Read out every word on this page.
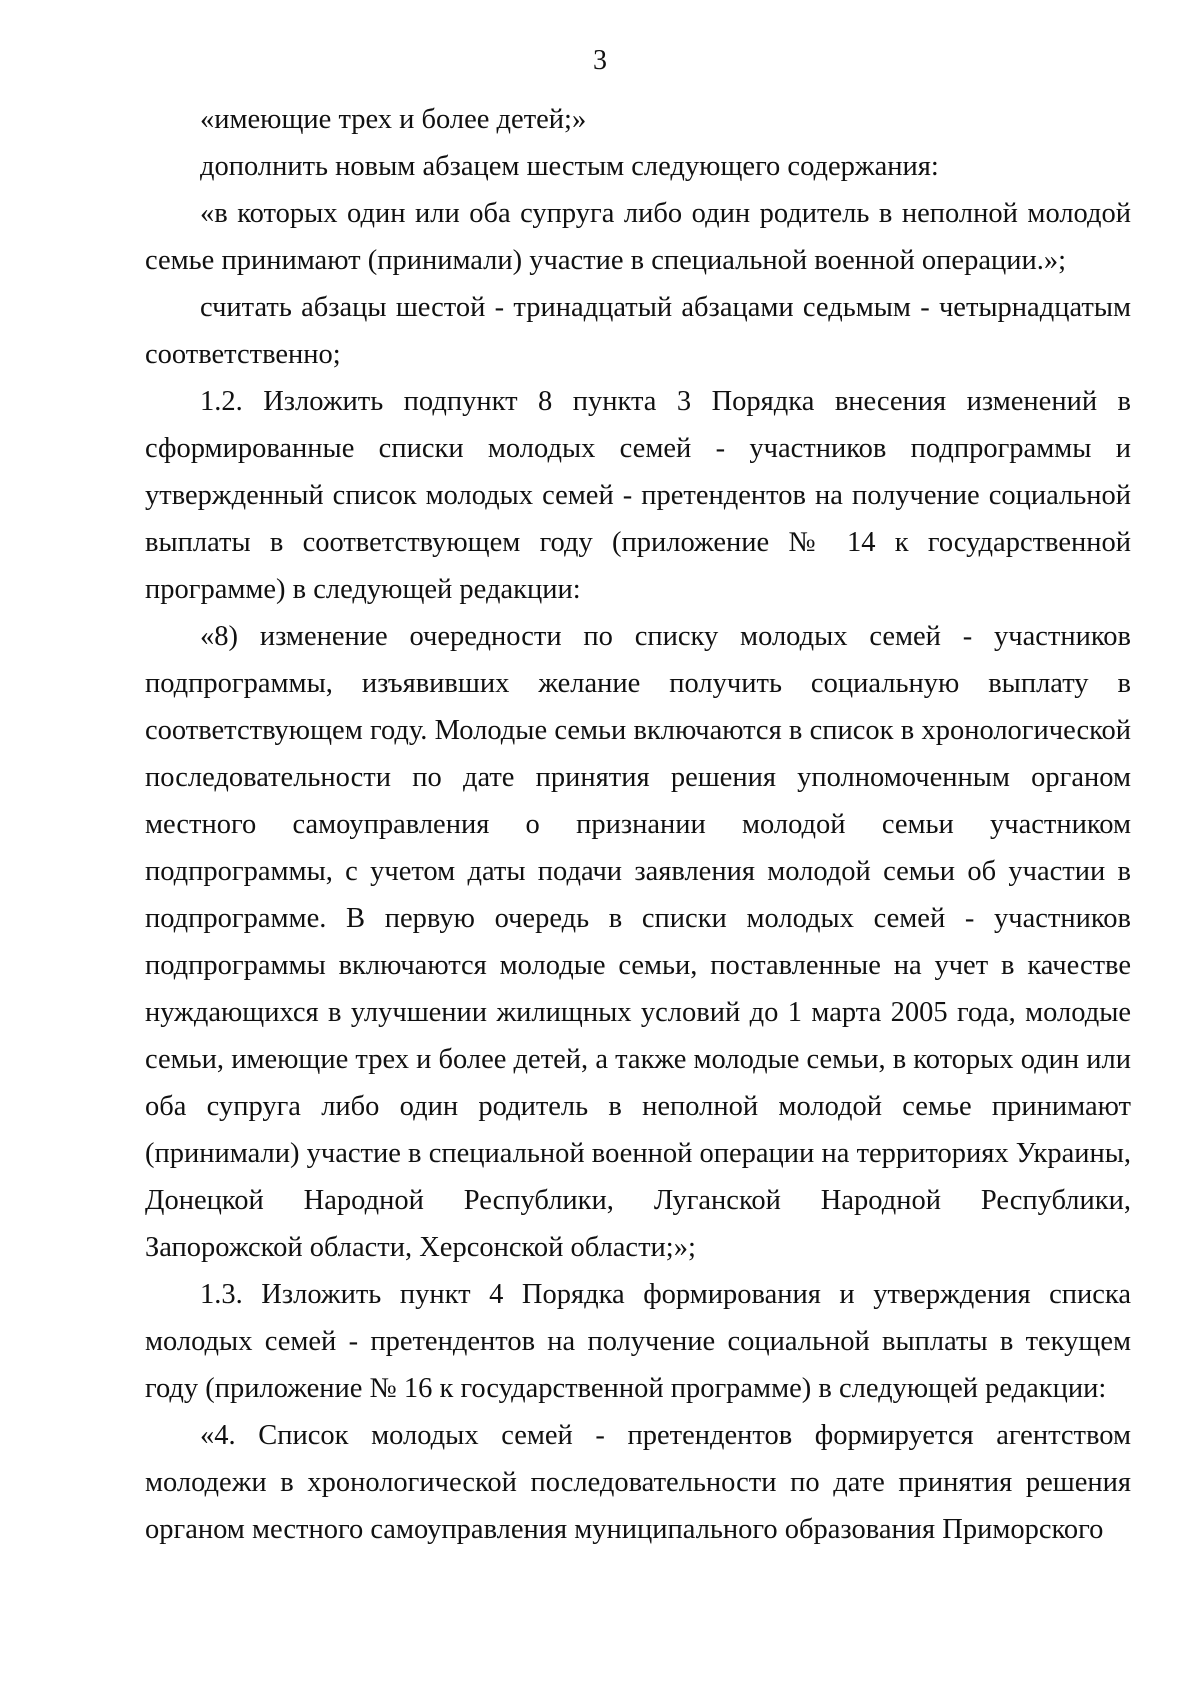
3

«имеющие трех и более детей;»

дополнить новым абзацем шестым следующего содержания:

«в которых один или оба супруга либо один родитель в неполной молодой семье принимают (принимали) участие в специальной военной операции.»;

считать абзацы шестой - тринадцатый абзацами седьмым - четырнадцатым соответственно;

1.2. Изложить подпункт 8 пункта 3 Порядка внесения изменений в сформированные списки молодых семей - участников подпрограммы и утвержденный список молодых семей - претендентов на получение социальной выплаты в соответствующем году (приложение № 14 к государственной программе) в следующей редакции:

«8) изменение очередности по списку молодых семей - участников подпрограммы, изъявивших желание получить социальную выплату в соответствующем году. Молодые семьи включаются в список в хронологической последовательности по дате принятия решения уполномоченным органом местного самоуправления о признании молодой семьи участником подпрограммы, с учетом даты подачи заявления молодой семьи об участии в подпрограмме. В первую очередь в списки молодых семей - участников подпрограммы включаются молодые семьи, поставленные на учет в качестве нуждающихся в улучшении жилищных условий до 1 марта 2005 года, молодые семьи, имеющие трех и более детей, а также молодые семьи, в которых один или оба супруга либо один родитель в неполной молодой семье принимают (принимали) участие в специальной военной операции на территориях Украины, Донецкой Народной Республики, Луганской Народной Республики, Запорожской области, Херсонской области;»;

1.3. Изложить пункт 4 Порядка формирования и утверждения списка молодых семей - претендентов на получение социальной выплаты в текущем году (приложение № 16 к государственной программе) в следующей редакции:

«4. Список молодых семей - претендентов формируется агентством молодежи в хронологической последовательности по дате принятия решения органом местного самоуправления муниципального образования Приморского
